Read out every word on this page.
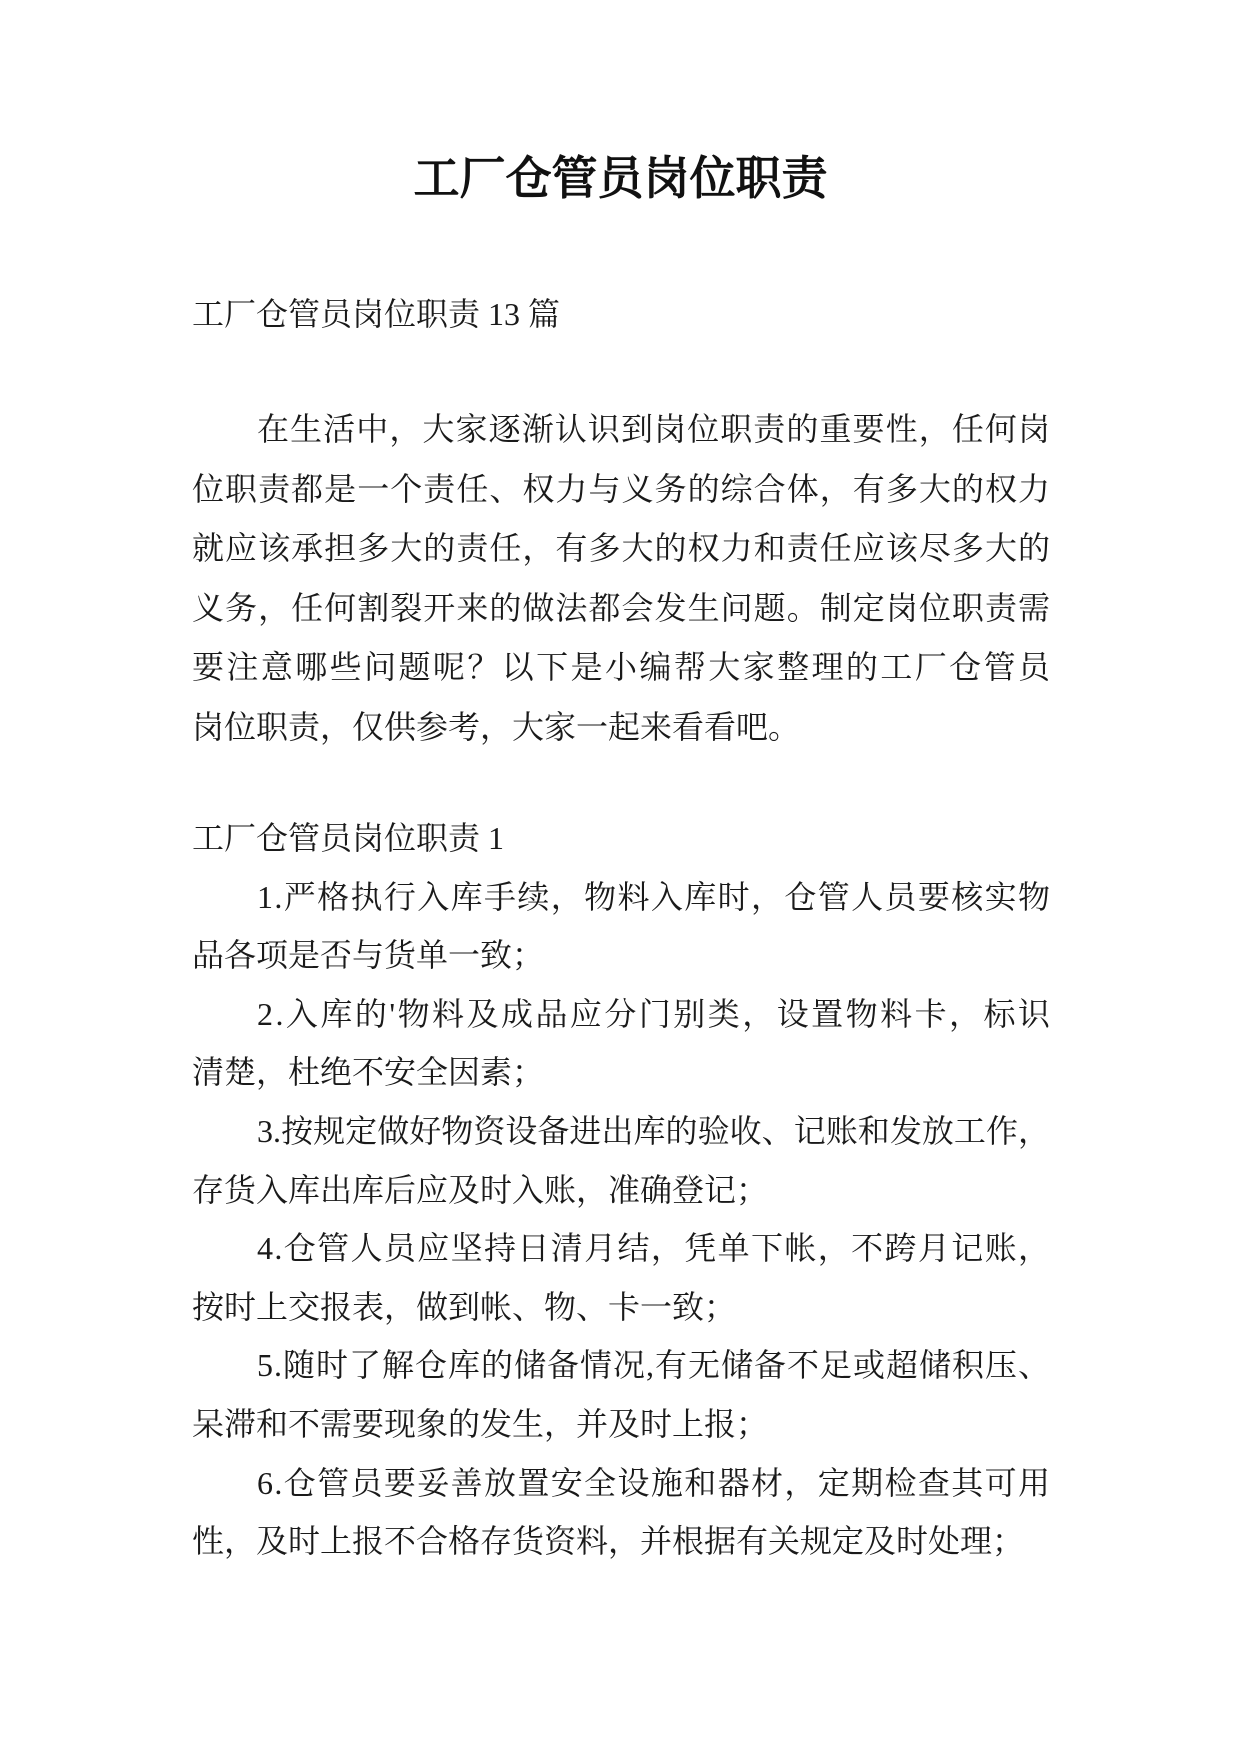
工厂仓管员岗位职责
工厂仓管员岗位职责 13 篇
在生活中，大家逐渐认识到岗位职责的重要性，任何岗
位职责都是一个责任、权力与义务的综合体，有多大的权力
就应该承担多大的责任，有多大的权力和责任应该尽多大的
义务，任何割裂开来的做法都会发生问题。制定岗位职责需
要注意哪些问题呢？以下是小编帮大家整理的工厂仓管员
岗位职责，仅供参考，大家一起来看看吧。
工厂仓管员岗位职责 1
1.严格执行入库手续，物料入库时，仓管人员要核实物
品各项是否与货单一致；
2.入库的'物料及成品应分门别类，设置物料卡，标识
清楚，杜绝不安全因素；
3.按规定做好物资设备进出库的验收、记账和发放工作，
存货入库出库后应及时入账，准确登记；
4.仓管人员应坚持日清月结，凭单下帐，不跨月记账，
按时上交报表，做到帐、物、卡一致；
5.随时了解仓库的储备情况,有无储备不足或超储积压、
呆滞和不需要现象的发生，并及时上报；
6.仓管员要妥善放置安全设施和器材，定期检查其可用
性，及时上报不合格存货资料，并根据有关规定及时处理；
